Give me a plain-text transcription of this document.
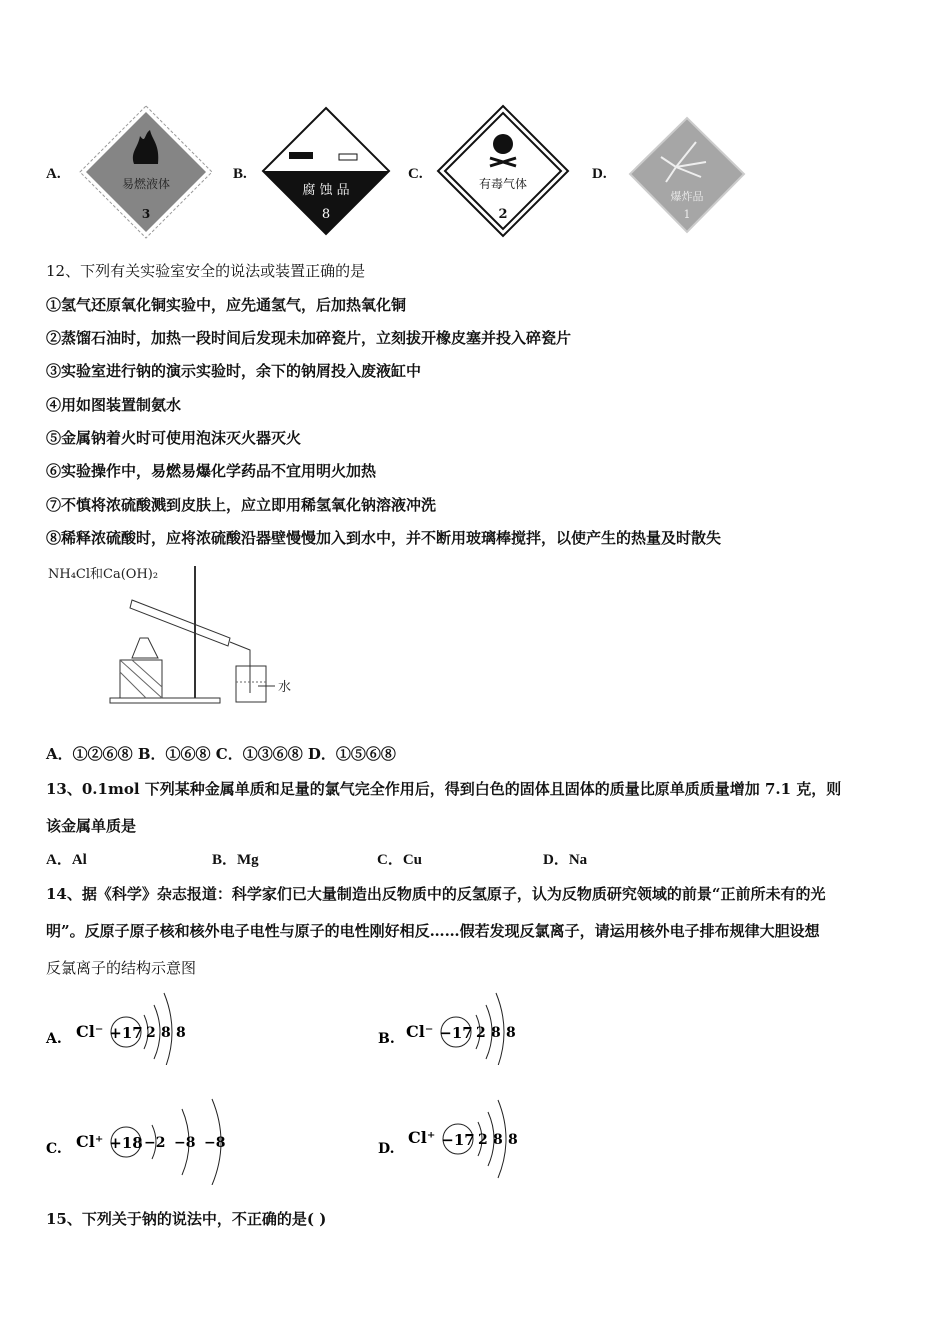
A.
易燃液体
3
B.
腐 蚀 品
8
C.
有毒气体
2
D.
爆炸品
1
12、下列有关实验室安全的说法或装置正确的是
①氢气还原氧化铜实验中，应先通氢气，后加热氧化铜
②蒸馏石油时，加热一段时间后发现未加碎瓷片，立刻拔开橡皮塞并投入碎瓷片
③实验室进行钠的演示实验时，余下的钠屑投入废液缸中
④用如图装置制氨水
⑤金属钠着火时可使用泡沫灭火器灭火
⑥实验操作中，易燃易爆化学药品不宜用明火加热
⑦不慎将浓硫酸溅到皮肤上，应立即用稀氢氧化钠溶液冲洗
⑧稀释浓硫酸时，应将浓硫酸沿器壁慢慢加入到水中，并不断用玻璃棒搅拌，以使产生的热量及时散失
NH₄Cl和Ca(OH)₂
水
A．①②⑥⑧ B．①⑥⑧ C．①③⑥⑧ D．①⑤⑥⑧
13、0.1mol 下列某种金属单质和足量的氯气完全作用后，得到白色的固体且固体的质量比原单质质量增加 7.1 克，则
该金属单质是
A．Al	B．Mg	C．Cu	D．Na
14、据《科学》杂志报道：科学家们已大量制造出反物质中的反氢原子，认为反物质研究领域的前景“正前所未有的光
明”。反原子原子核和核外电子电性与原子的电性刚好相反……假若发现反氯离子，请运用核外电子排布规律大胆设想
反氯离子的结构示意图
A. Cl⁻ +17 2 8 8	B. Cl⁻ −17 2 8 8
C. Cl⁺ +18 −2 −8 −8	D.
Cl⁺ −17 2 8 8
15、下列关于钠的说法中，不正确的是( )
